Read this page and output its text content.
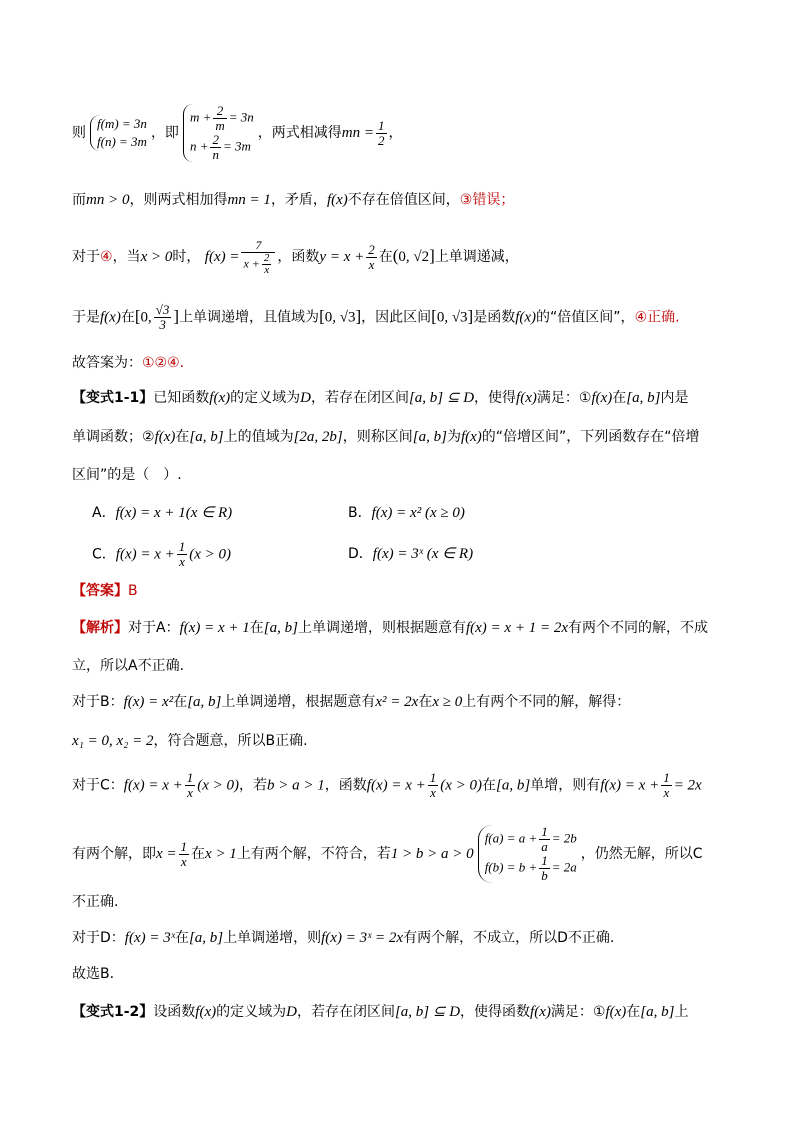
则
f(m) = 3n
f(n) = 3m
，即
$m + \frac{2}{m} = 3n$
$n + \frac{2}{n} = 3m$
，两式相减得mn = $\frac{1}{2}$ ，
而mn > 0，则两式相加得mn = 1，矛盾，f(x)不存在倍值区间，③错误；
对于④，当x > 0时， $f(x) = \frac{7}{x + \frac{2}{x}}$ ，函数$y = x + \frac{2}{x}$ 在(0, √2]上单调递减，
于是f(x)在[0, $\frac{√3}{3}$ ]上单调递增，且值域为[0, √3]，因此区间[0, √3]是函数f(x)的“倍值区间”，④正确.
故答案为：①②④.
【变式1-1】已知函数f(x)的定义域为D，若存在闭区间[a, b] ⊆ D，使得f(x)满足：①f(x)在[a, b]内是
单调函数；②f(x)在[a, b]上的值域为[2a, 2b]，则称区间[a, b]为f(x)的“倍增区间”，下列函数存在“倍增
区间”的是（　）.
A．f(x) = x + 1(x ∈ R)	B．f(x) = x² (x ≥ 0)
C．$f(x) = x + \frac{1}{x} (x > 0)$	D．f(x) = 3ˣ (x ∈ R)
【答案】B
【解析】对于A：f(x) = x + 1在[a, b]上单调递增，则根据题意有f(x) = x + 1 = 2x有两个不同的解，不成
立，所以A不正确.
对于B：f(x) = x²在[a, b]上单调递增，根据题意有x² = 2x在x ≥ 0上有两个不同的解，解得：
x₁ = 0, x₂ = 2，符合题意，所以B正确.
对于C：$f(x) = x + \frac{1}{x} (x > 0)$，若b > a > 1，函数$f(x) = x + \frac{1}{x} (x > 0)$在[a, b]单增，则有$f(x) = x + \frac{1}{x} = 2x$
有两个解，即$x = \frac{1}{x}$ 在x > 1上有两个解，不符合，若1 > b > a > 0
$f(a) = a + \frac{1}{a} = 2b$
$f(b) = b + \frac{1}{b} = 2a$
，仍然无解，所以C
不正确.
对于D：f(x) = 3ˣ在[a, b]上单调递增，则f(x) = 3ˣ = 2x有两个解，不成立，所以D不正确.
故选B.
【变式1-2】设函数f(x)的定义域为D，若存在闭区间[a, b] ⊆ D，使得函数f(x)满足：①f(x)在[a, b]上
